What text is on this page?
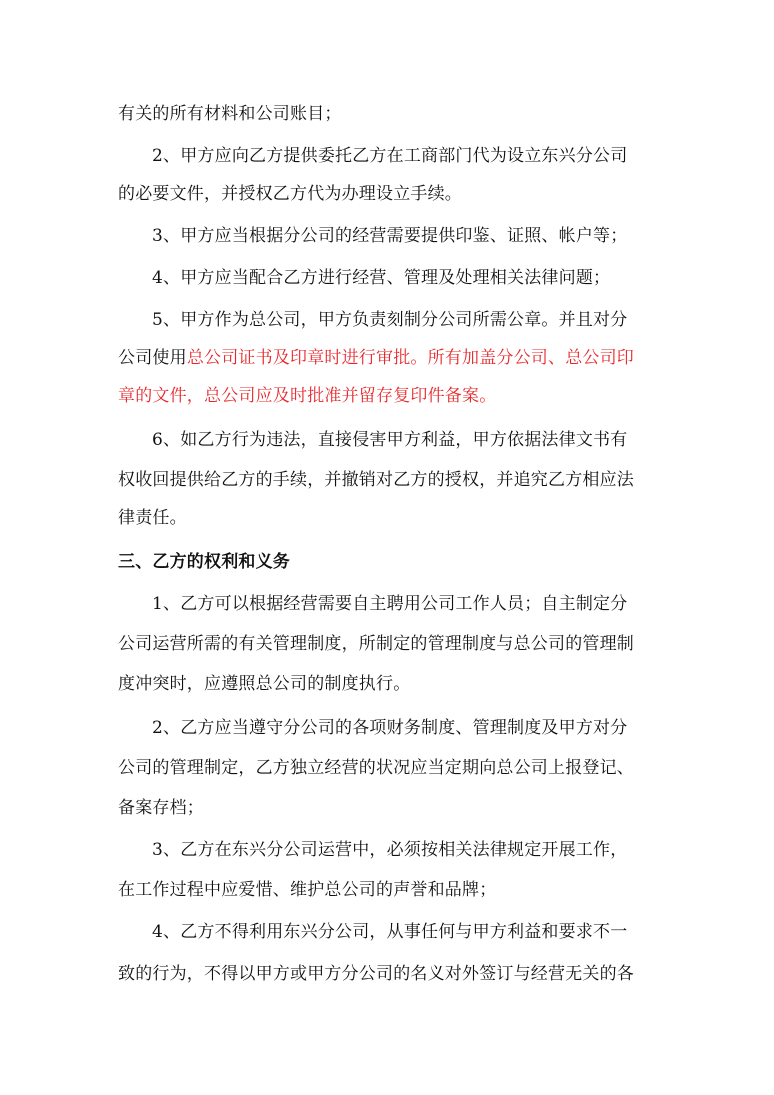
有关的所有材料和公司账目；
2、甲方应向乙方提供委托乙方在工商部门代为设立东兴分公司
的必要文件，并授权乙方代为办理设立手续。
3、甲方应当根据分公司的经营需要提供印鉴、证照、帐户等；
4、甲方应当配合乙方进行经营、管理及处理相关法律问题；
5、甲方作为总公司，甲方负责刻制分公司所需公章。并且对分
公司使用总公司证书及印章时进行审批。所有加盖分公司、总公司印
章的文件，总公司应及时批准并留存复印件备案。
6、如乙方行为违法，直接侵害甲方利益，甲方依据法律文书有
权收回提供给乙方的手续，并撤销对乙方的授权，并追究乙方相应法
律责任。
三、乙方的权利和义务
1、乙方可以根据经营需要自主聘用公司工作人员；自主制定分
公司运营所需的有关管理制度，所制定的管理制度与总公司的管理制
度冲突时，应遵照总公司的制度执行。
2、乙方应当遵守分公司的各项财务制度、管理制度及甲方对分
公司的管理制定，乙方独立经营的状况应当定期向总公司上报登记、
备案存档；
3、乙方在东兴分公司运营中，必须按相关法律规定开展工作，
在工作过程中应爱惜、维护总公司的声誉和品牌；
4、乙方不得利用东兴分公司，从事任何与甲方利益和要求不一
致的行为，不得以甲方或甲方分公司的名义对外签订与经营无关的各
